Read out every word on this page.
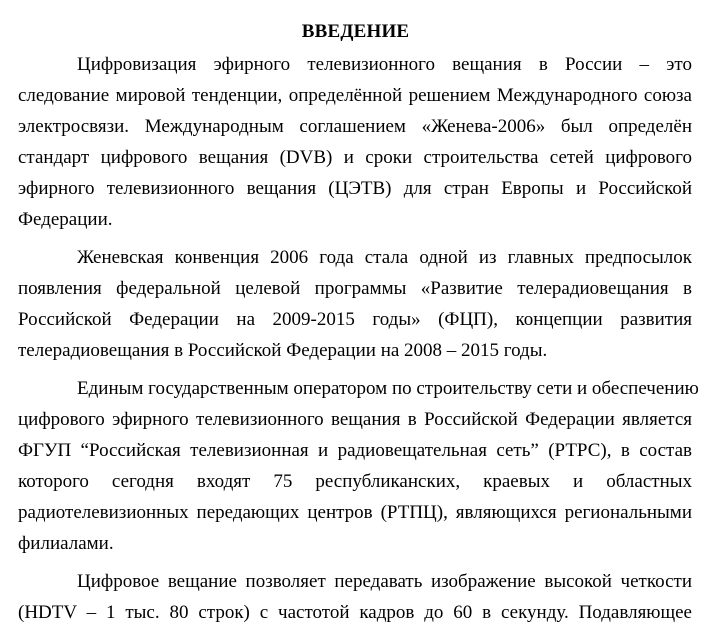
ВВЕДЕНИЕ

Цифровизация эфирного телевизионного вещания в России – это

следование мировой тенденции, определённой решением Международного союза

электросвязи. Международным соглашением «Женева-2006» был определён

стандарт цифрового вещания (DVB) и сроки строительства сетей цифрового

эфирного телевизионного вещания (ЦЭТВ) для стран Европы и Российской

Федерации.

Женевская конвенция 2006 года стала одной из главных предпосылок

появления федеральной целевой программы «Развитие телерадиовещания в

Российской Федерации на 2009-2015 годы» (ФЦП), концепции развития

телерадиовещания в Российской Федерации на 2008 – 2015 годы.

Единым государственным оператором по строительству сети и обеспечению

цифрового эфирного телевизионного вещания в Российской Федерации является

ФГУП “Российская телевизионная и радиовещательная сеть” (РТРС), в состав

которого сегодня входят 75 республиканских, краевых и областных

радиотелевизионных передающих центров (РТПЦ), являющихся региональными

филиалами.

Цифровое вещание позволяет передавать изображение высокой четкости

(HDTV – 1 тыс. 80 строк) с частотой кадров до 60 в секунду. Подавляющее
